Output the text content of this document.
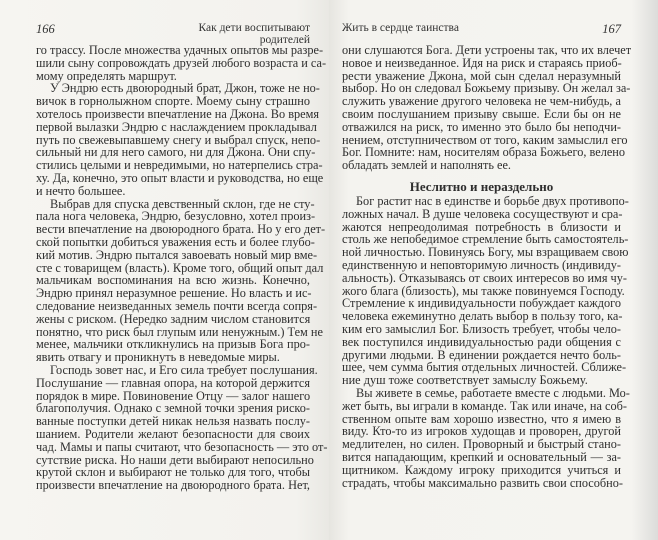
166	Как дети воспитывают родителей
го трассу. После множества удачных опытов мы разре-
шили сыну сопровождать друзей любого возраста и са-
мому определять маршрут.
У Эндрю есть двоюродный брат, Джон, тоже не но-
вичок в горнолыжном спорте. Моему сыну страшно
хотелось произвести впечатление на Джона. Во время
первой вылазки Эндрю с наслаждением прокладывал
путь по свежевыпавшему снегу и выбрал спуск, непо-
сильный ни для него самого, ни для Джона. Они спу-
стились целыми и невредимыми, но натерпелись стра-
ху. Да, конечно, это опыт власти и руководства, но еще
и нечто большее.
Выбрав для спуска девственный склон, где не сту-
пала нога человека, Эндрю, безусловно, хотел произ-
вести впечатление на двоюродного брата. Но у его дет-
ской попытки добиться уважения есть и более глубо-
кий мотив. Эндрю пытался завоевать новый мир вме-
сте с товарищем (власть). Кроме того, общий опыт дал
мальчикам воспоминания на всю жизнь. Конечно,
Эндрю принял неразумное решение. Но власть и ис-
следование неизведанных земель почти всегда сопря-
жены с риском. (Нередко задним числом становится
понятно, что риск был глупым или ненужным.) Тем не
менее, мальчики откликнулись на призыв Бога про-
явить отвагу и проникнуть в неведомые миры.
Господь зовет нас, и Его сила требует послушания.
Послушание — главная опора, на которой держится
порядок в мире. Повиновение Отцу — залог нашего
благополучия. Однако с земной точки зрения риско-
ванные поступки детей никак нельзя назвать послу-
шанием. Родители желают безопасности для своих
чад. Мамы и папы считают, что безопасность — это от-
сутствие риска. Но наши дети выбирают непосильно
крутой склон и выбирают не только для того, чтобы
произвести впечатление на двоюродного брата. Нет,
Жить в сердце таинства	167
они слушаются Бога. Дети устроены так, что их влечет
новое и неизведанное. Идя на риск и стараясь приоб-
рести уважение Джона, мой сын сделал неразумный
выбор. Но он следовал Божьему призыву. Он желал за-
служить уважение другого человека не чем-нибудь, а
своим послушанием призыву свыше. Если бы он не
отважился на риск, то именно это было бы неподчи-
нением, отступничеством от того, каким замыслил его
Бог. Помните: нам, носителям образа Божьего, велено
обладать землей и наполнять ее.
Неслитно и нераздельно
Бог растит нас в единстве и борьбе двух противопо-
ложных начал. В душе человека сосуществуют и сра-
жаются непреодолимая потребность в близости и
столь же непобедимое стремление быть самостоятель-
ной личностью. Повинуясь Богу, мы взращиваем свою
единственную и неповторимую личность (индивиду-
альность). Отказываясь от своих интересов во имя чу-
жого блага (близость), мы также повинуемся Господу.
Стремление к индивидуальности побуждает каждого
человека ежеминутно делать выбор в пользу того, ка-
ким его замыслил Бог. Близость требует, чтобы чело-
век поступился индивидуальностью ради общения с
другими людьми. В единении рождается нечто боль-
шее, чем сумма бытия отдельных личностей. Сближе-
ние душ тоже соответствует замыслу Божьему.
Вы живете в семье, работаете вместе с людьми. Мо-
жет быть, вы играли в команде. Так или иначе, на соб-
ственном опыте вам хорошо известно, что я имею в
виду. Кто-то из игроков худощав и проворен, другой
медлителен, но силен. Проворный и быстрый стано-
вится нападающим, крепкий и основательный — за-
щитником. Каждому игроку приходится учиться и
страдать, чтобы максимально развить свои способно-
